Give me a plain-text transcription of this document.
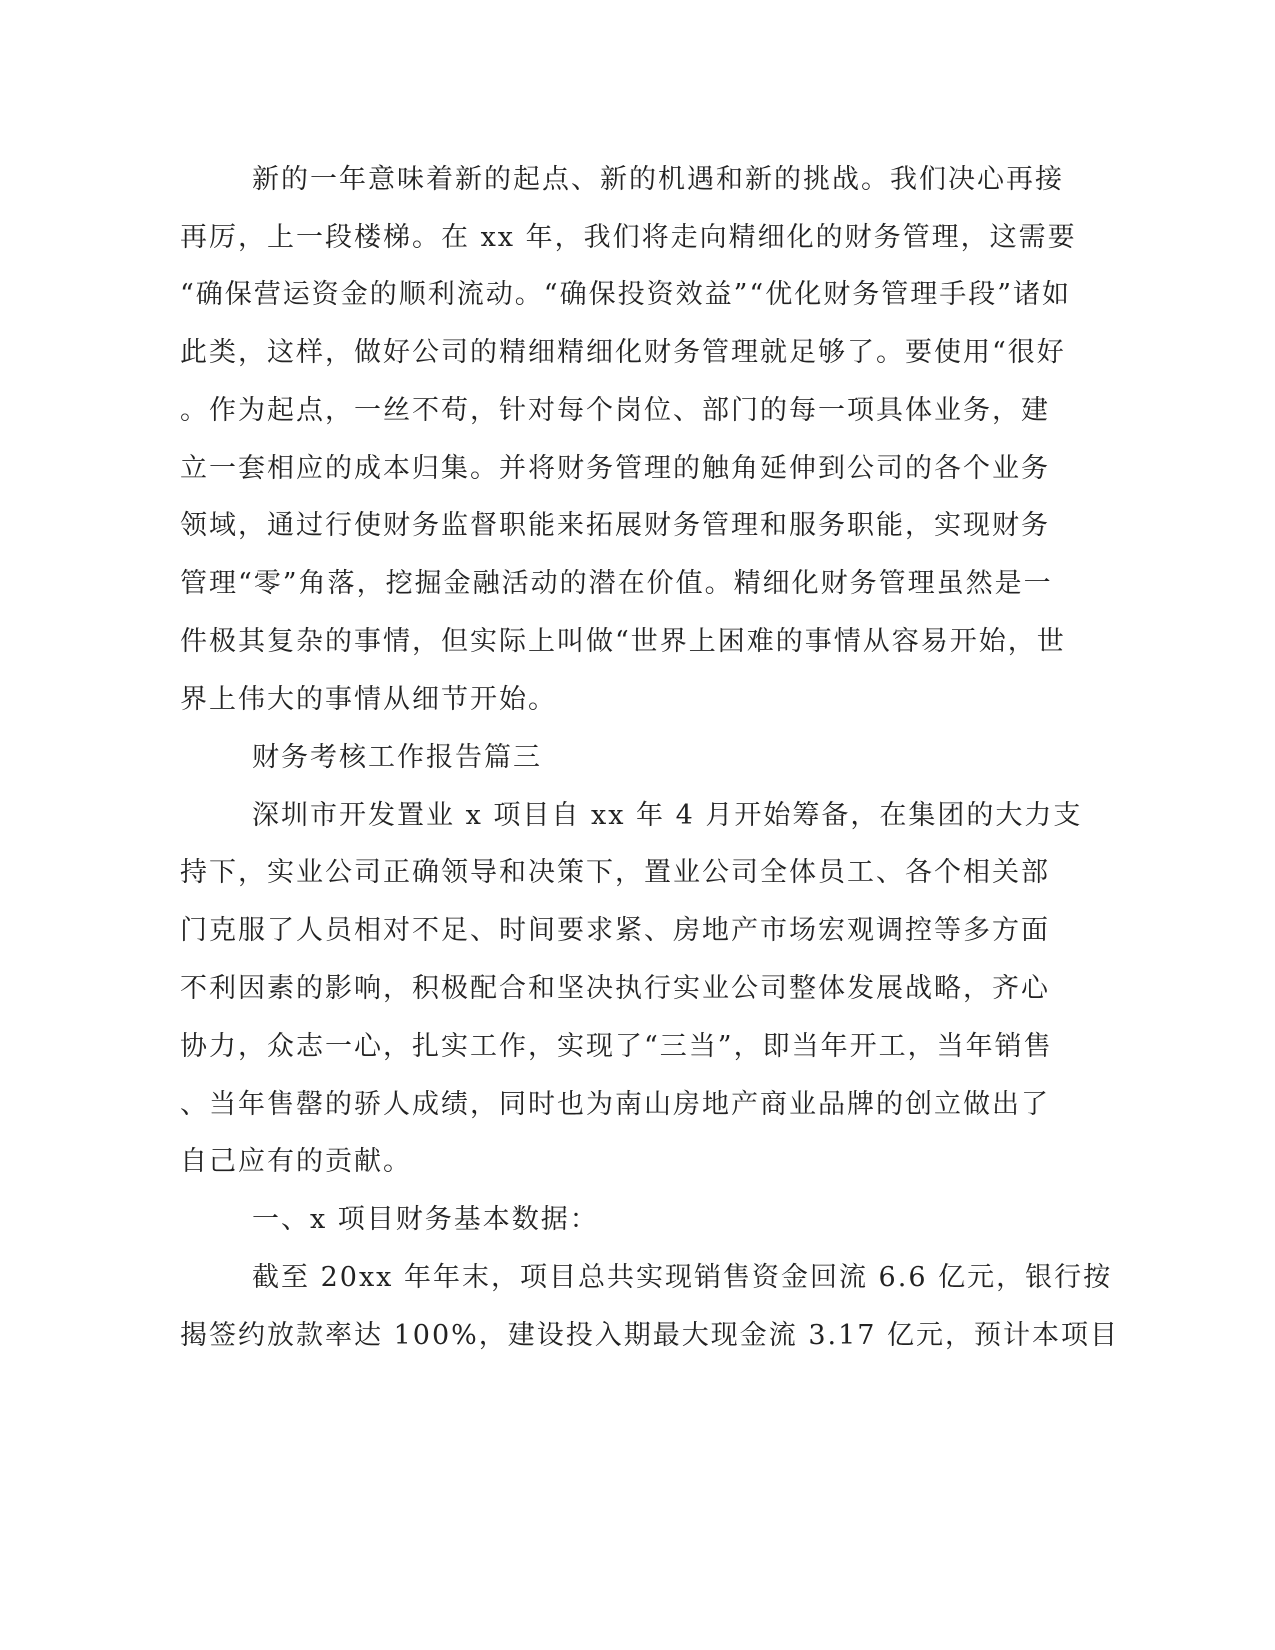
新的一年意味着新的起点、新的机遇和新的挑战。我们决心再接
再厉，上一段楼梯。在 xx 年，我们将走向精细化的财务管理，这需要
“确保营运资金的顺利流动。“确保投资效益”“优化财务管理手段”诸如
此类，这样，做好公司的精细精细化财务管理就足够了。要使用“很好
。作为起点，一丝不苟，针对每个岗位、部门的每一项具体业务，建
立一套相应的成本归集。并将财务管理的触角延伸到公司的各个业务
领域，通过行使财务监督职能来拓展财务管理和服务职能，实现财务
管理“零”角落，挖掘金融活动的潜在价值。精细化财务管理虽然是一
件极其复杂的事情，但实际上叫做“世界上困难的事情从容易开始，世
界上伟大的事情从细节开始。
财务考核工作报告篇三
深圳市开发置业 x 项目自 xx 年 4 月开始筹备，在集团的大力支
持下，实业公司正确领导和决策下，置业公司全体员工、各个相关部
门克服了人员相对不足、时间要求紧、房地产市场宏观调控等多方面
不利因素的影响，积极配合和坚决执行实业公司整体发展战略，齐心
协力，众志一心，扎实工作，实现了“三当”，即当年开工，当年销售
、当年售罄的骄人成绩，同时也为南山房地产商业品牌的创立做出了
自己应有的贡献。
一、x 项目财务基本数据：
截至 20xx 年年末，项目总共实现销售资金回流 6.6 亿元，银行按
揭签约放款率达 100%，建设投入期最大现金流 3.17 亿元，预计本项目
